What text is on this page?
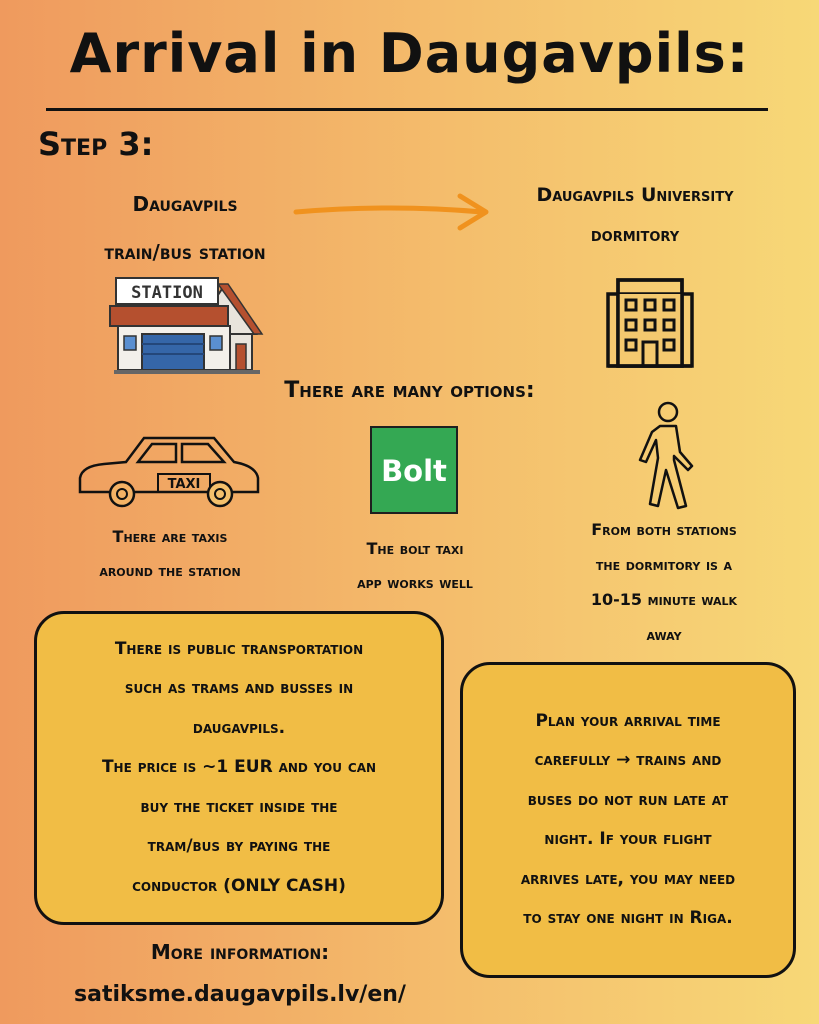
Arrival in Daugavpils:
Step 3:
Daugavpils
train/bus station
Daugavpils University
dormitory
STATION
There are many options:
TAXI
There are taxis
around the station
Bolt
The bolt taxi
app works well
From both stations
the dormitory is a
10-15 minute walk
away
There is public transportation
such as trams and busses in
daugavpils.
The price is ~1 EUR and you can
buy the ticket inside the
tram/bus by paying the
conductor (ONLY CASH)
Plan your arrival time
carefully → trains and
buses do not run late at
night. If your flight
arrives late, you may need
to stay one night in Riga.
More information:
satiksme.daugavpils.lv/en/
